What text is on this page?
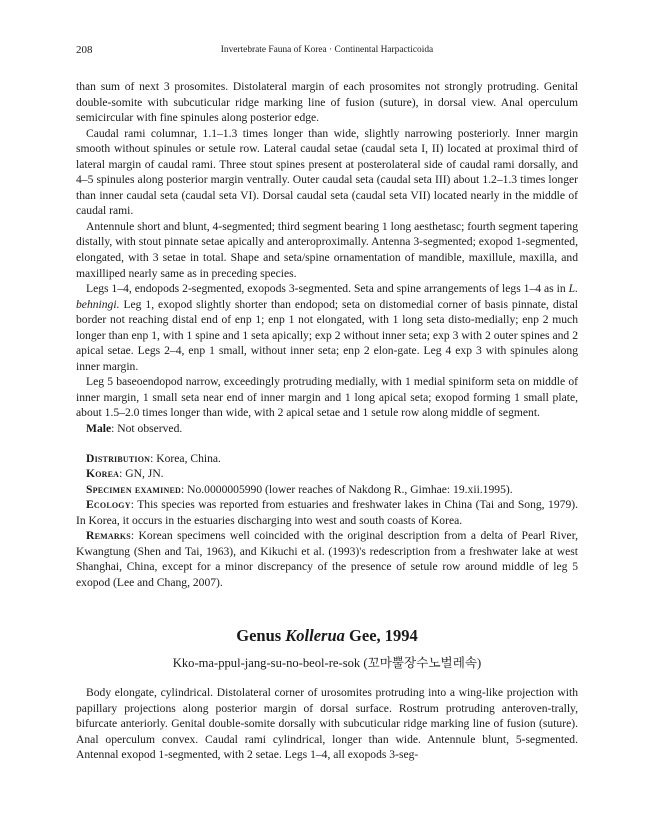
208	Invertebrate Fauna of Korea · Continental Harpacticoida

than sum of next 3 prosomites. Distolateral margin of each prosomites not strongly protruding. Genital double-somite with subcuticular ridge marking line of fusion (suture), in dorsal view. Anal operculum semicircular with fine spinules along posterior edge.

Caudal rami columnar, 1.1–1.3 times longer than wide, slightly narrowing posteriorly. Inner margin smooth without spinules or setule row. Lateral caudal setae (caudal seta I, II) located at proximal third of lateral margin of caudal rami. Three stout spines present at posterolateral side of caudal rami dorsally, and 4–5 spinules along posterior margin ventrally. Outer caudal seta (caudal seta III) about 1.2–1.3 times longer than inner caudal seta (caudal seta VI). Dorsal caudal seta (caudal seta VII) located nearly in the middle of caudal rami.

Antennule short and blunt, 4-segmented; third segment bearing 1 long aesthetasc; fourth segment tapering distally, with stout pinnate setae apically and anteroproximally. Antenna 3-segmented; exopod 1-segmented, elongated, with 3 setae in total. Shape and seta/spine ornamentation of mandible, maxillule, maxilla, and maxilliped nearly same as in preceding species.

Legs 1–4, endopods 2-segmented, exopods 3-segmented. Seta and spine arrangements of legs 1–4 as in L. behningi. Leg 1, exopod slightly shorter than endopod; seta on distomedial corner of basis pinnate, distal border not reaching distal end of enp 1; enp 1 not elongated, with 1 long seta disto-medially; enp 2 much longer than enp 1, with 1 spine and 1 seta apically; exp 2 without inner seta; exp 3 with 2 outer spines and 2 apical setae. Legs 2–4, enp 1 small, without inner seta; enp 2 elon-gate. Leg 4 exp 3 with spinules along inner margin.

Leg 5 baseoendopod narrow, exceedingly protruding medially, with 1 medial spiniform seta on middle of inner margin, 1 small seta near end of inner margin and 1 long apical seta; exopod forming 1 small plate, about 1.5–2.0 times longer than wide, with 2 apical setae and 1 setule row along middle of segment.

Male: Not observed.

Distribution: Korea, China.

Korea: GN, JN.

Specimen examined: No.0000005990 (lower reaches of Nakdong R., Gimhae: 19.xii.1995).

Ecology: This species was reported from estuaries and freshwater lakes in China (Tai and Song, 1979). In Korea, it occurs in the estuaries discharging into west and south coasts of Korea.

Remarks: Korean specimens well coincided with the original description from a delta of Pearl River, Kwangtung (Shen and Tai, 1963), and Kikuchi et al. (1993)'s redescription from a freshwater lake at west Shanghai, China, except for a minor discrepancy of the presence of setule row around middle of leg 5 exopod (Lee and Chang, 2007).

Genus Kollerua Gee, 1994
Kko-ma-ppul-jang-su-no-beol-re-sok (꼬마뿔장수노벌레속)

Body elongate, cylindrical. Distolateral corner of urosomites protruding into a wing-like projection with papillary projections along posterior margin of dorsal surface. Rostrum protruding anteroven-trally, bifurcate anteriorly. Genital double-somite dorsally with subcuticular ridge marking line of fusion (suture). Anal operculum convex. Caudal rami cylindrical, longer than wide. Antennule blunt, 5-segmented. Antennal exopod 1-segmented, with 2 setae. Legs 1–4, all exopods 3-seg-
